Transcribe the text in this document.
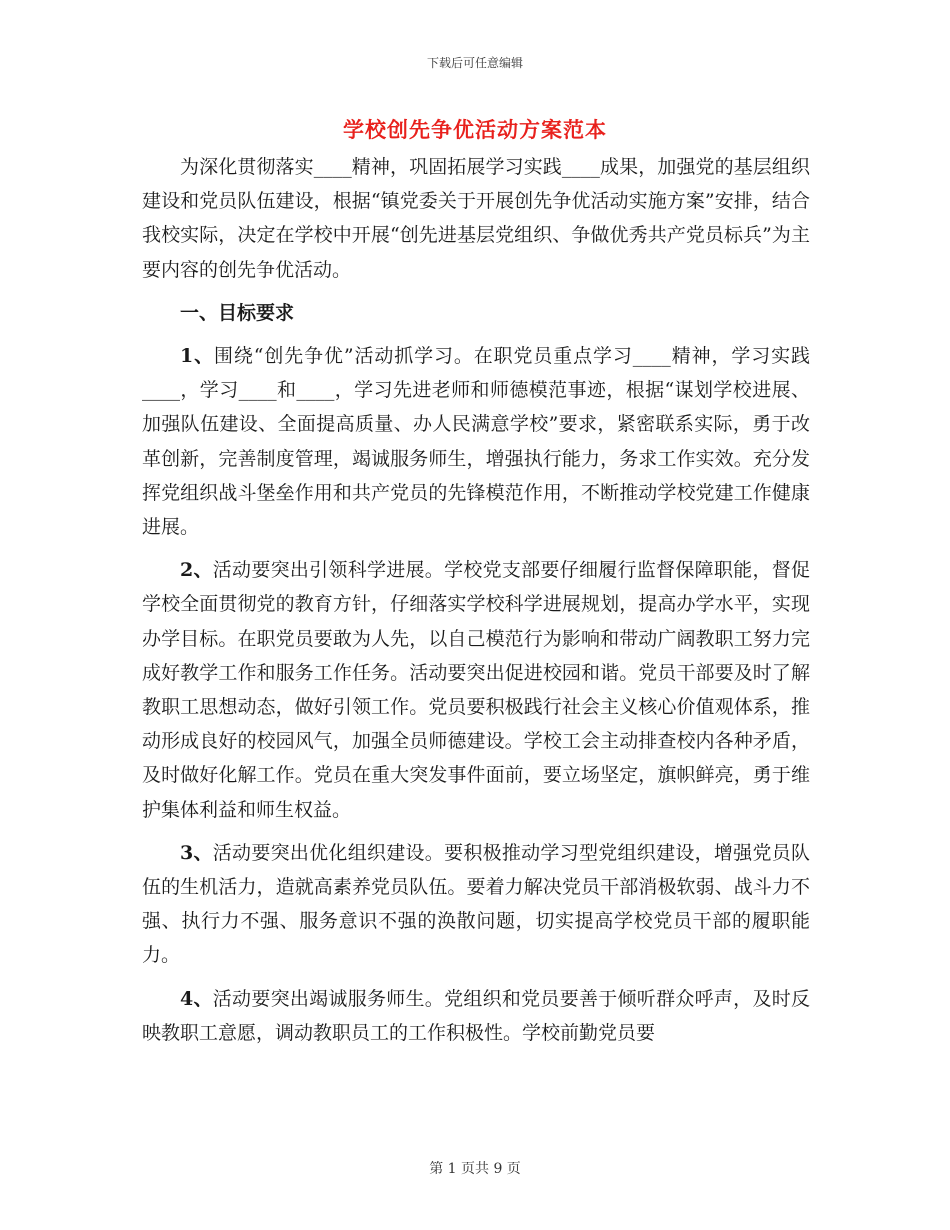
下载后可任意编辑
学校创先争优活动方案范本

为深化贯彻落实____精神，巩固拓展学习实践____成果，加强党的基层组织建设和党员队伍建设，根据“镇党委关于开展创先争优活动实施方案”安排，结合我校实际，决定在学校中开展“创先进基层党组织、争做优秀共产党员标兵”为主要内容的创先争优活动。

一、目标要求

1、围绕“创先争优”活动抓学习。在职党员重点学习____精神，学习实践____，学习____和____，学习先进老师和师德模范事迹，根据“谋划学校进展、加强队伍建设、全面提高质量、办人民满意学校”要求，紧密联系实际，勇于改革创新，完善制度管理，竭诚服务师生，增强执行能力，务求工作实效。充分发挥党组织战斗堡垒作用和共产党员的先锋模范作用，不断推动学校党建工作健康进展。

2、活动要突出引领科学进展。学校党支部要仔细履行监督保障职能，督促学校全面贯彻党的教育方针，仔细落实学校科学进展规划，提高办学水平，实现办学目标。在职党员要敢为人先，以自己模范行为影响和带动广阔教职工努力完成好教学工作和服务工作任务。活动要突出促进校园和谐。党员干部要及时了解教职工思想动态，做好引领工作。党员要积极践行社会主义核心价值观体系，推动形成良好的校园风气，加强全员师德建设。学校工会主动排查校内各种矛盾，及时做好化解工作。党员在重大突发事件面前，要立场坚定，旗帜鲜亮，勇于维护集体利益和师生权益。

3、活动要突出优化组织建设。要积极推动学习型党组织建设，增强党员队伍的生机活力，造就高素养党员队伍。要着力解决党员干部消极软弱、战斗力不强、执行力不强、服务意识不强的涣散问题，切实提高学校党员干部的履职能力。

4、活动要突出竭诚服务师生。党组织和党员要善于倾听群众呼声，及时反映教职工意愿，调动教职员工的工作积极性。学校前勤党员要

第 1 页共 9 页
